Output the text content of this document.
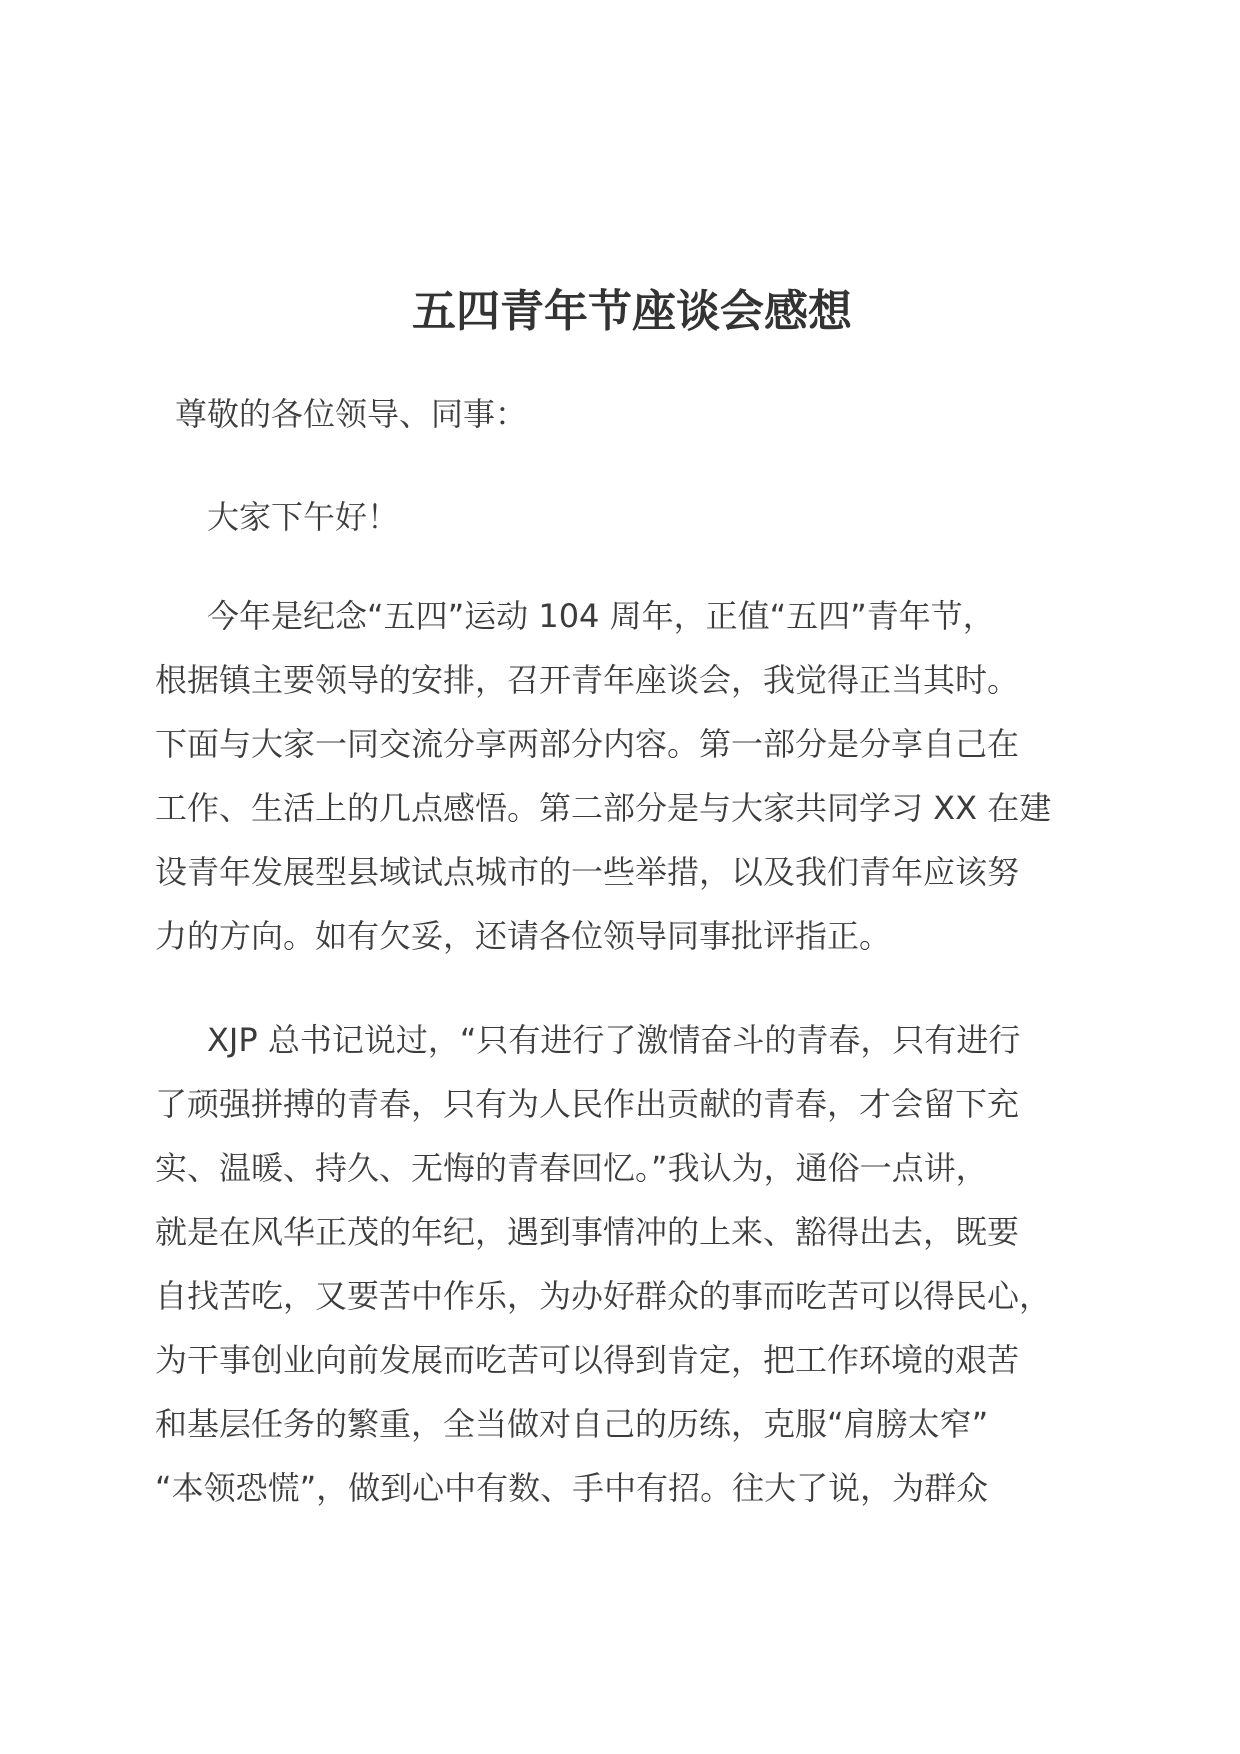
五四青年节座谈会感想
尊敬的各位领导、同事：
大家下午好！
今年是纪念“五四”运动 104 周年，正值“五四”青年节，
根据镇主要领导的安排，召开青年座谈会，我觉得正当其时。
下面与大家一同交流分享两部分内容。第一部分是分享自己在
工作、生活上的几点感悟。第二部分是与大家共同学习 XX 在建
设青年发展型县域试点城市的一些举措，以及我们青年应该努
力的方向。如有欠妥，还请各位领导同事批评指正。
XJP 总书记说过，“只有进行了激情奋斗的青春，只有进行
了顽强拼搏的青春，只有为人民作出贡献的青春，才会留下充
实、温暖、持久、无悔的青春回忆。”我认为，通俗一点讲，
就是在风华正茂的年纪，遇到事情冲的上来、豁得出去，既要
自找苦吃，又要苦中作乐，为办好群众的事而吃苦可以得民心，
为干事创业向前发展而吃苦可以得到肯定，把工作环境的艰苦
和基层任务的繁重，全当做对自己的历练，克服“肩膀太窄”
“本领恐慌”，做到心中有数、手中有招。往大了说，为群众
